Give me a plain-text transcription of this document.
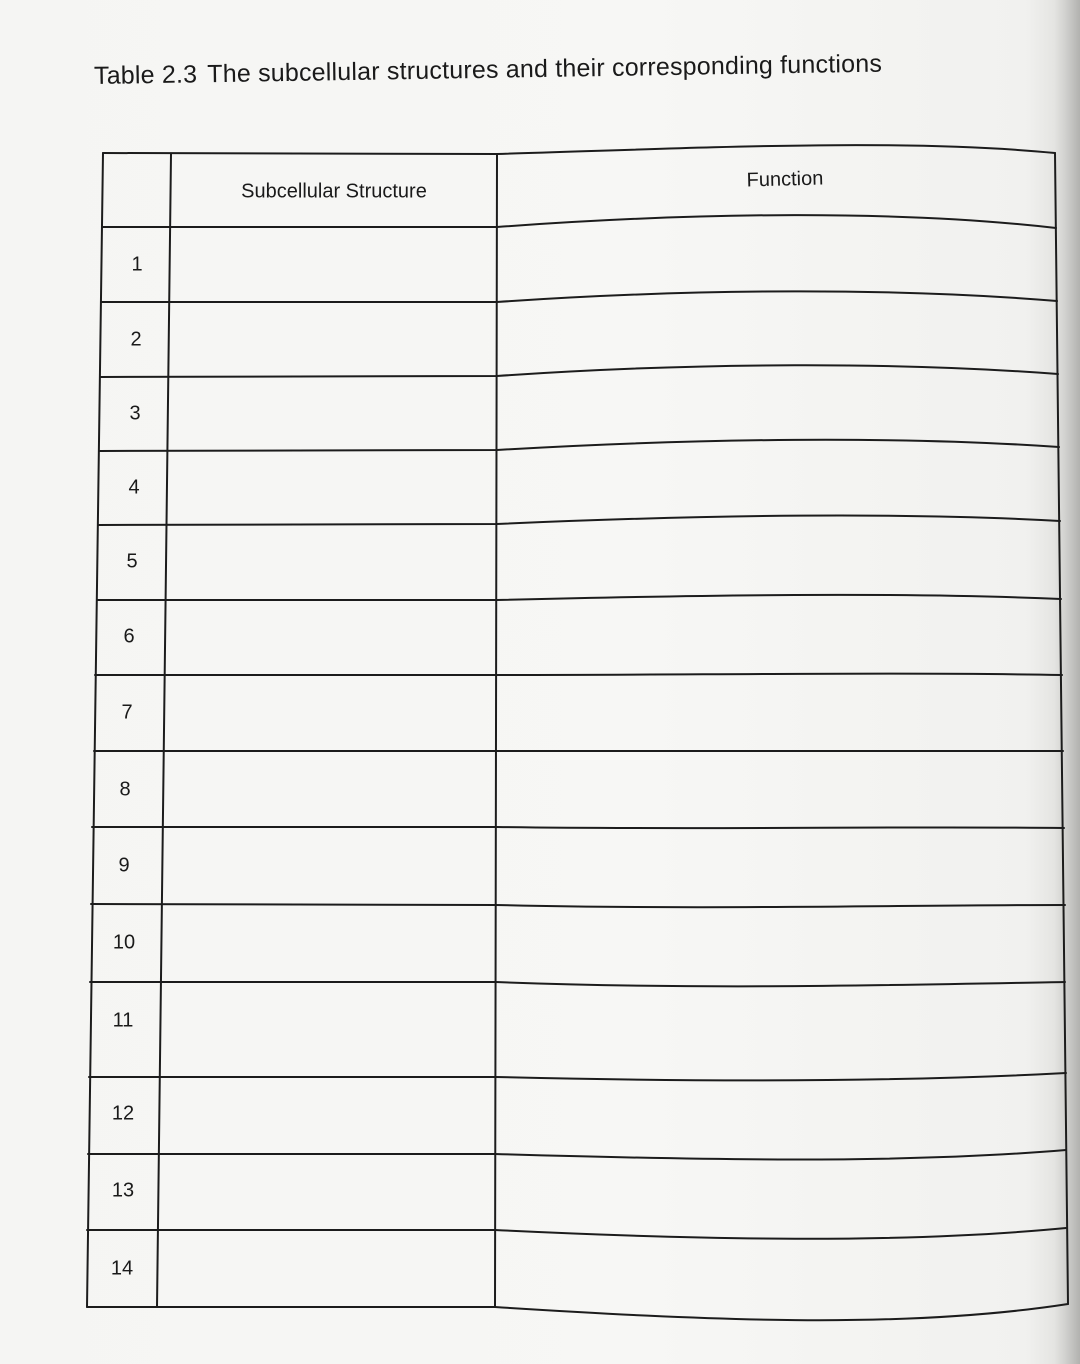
Table 2.3 The subcellular structures and their corresponding functions
Subcellular Structure	Function
1
2
3
4
5
6
7
8
9
10
11
12
13
14
